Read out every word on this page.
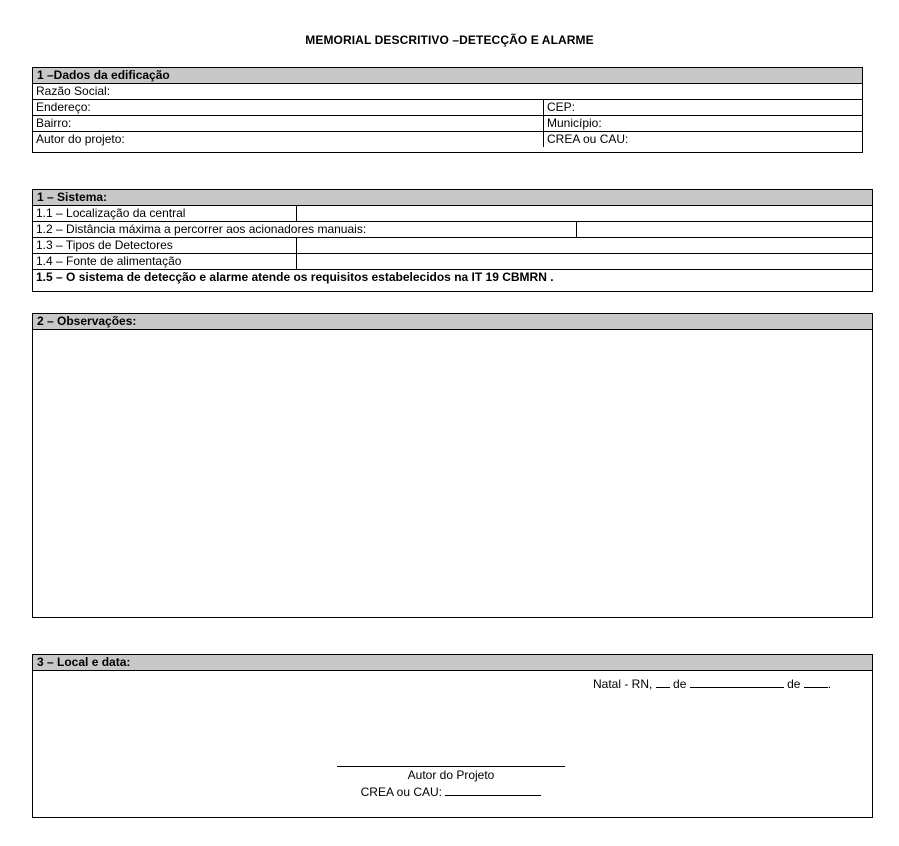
MEMORIAL DESCRITIVO –DETECÇÃO E ALARME
1 –Dados da edificação
Razão Social:
Endereço:	CEP:
Bairro:	Município:
Autor do projeto:	CREA ou CAU:
1 – Sistema:
1.1 – Localização da central
1.2 – Distância máxima a percorrer aos acionadores manuais:
1.3 – Tipos de Detectores
1.4 – Fonte de alimentação
1.5 – O sistema de detecção e alarme atende os requisitos estabelecidos na IT 19 CBMRN .
2 – Observações:
3 – Local e data:
Natal - RN, de	de .
Autor do Projeto
CREA ou CAU:
